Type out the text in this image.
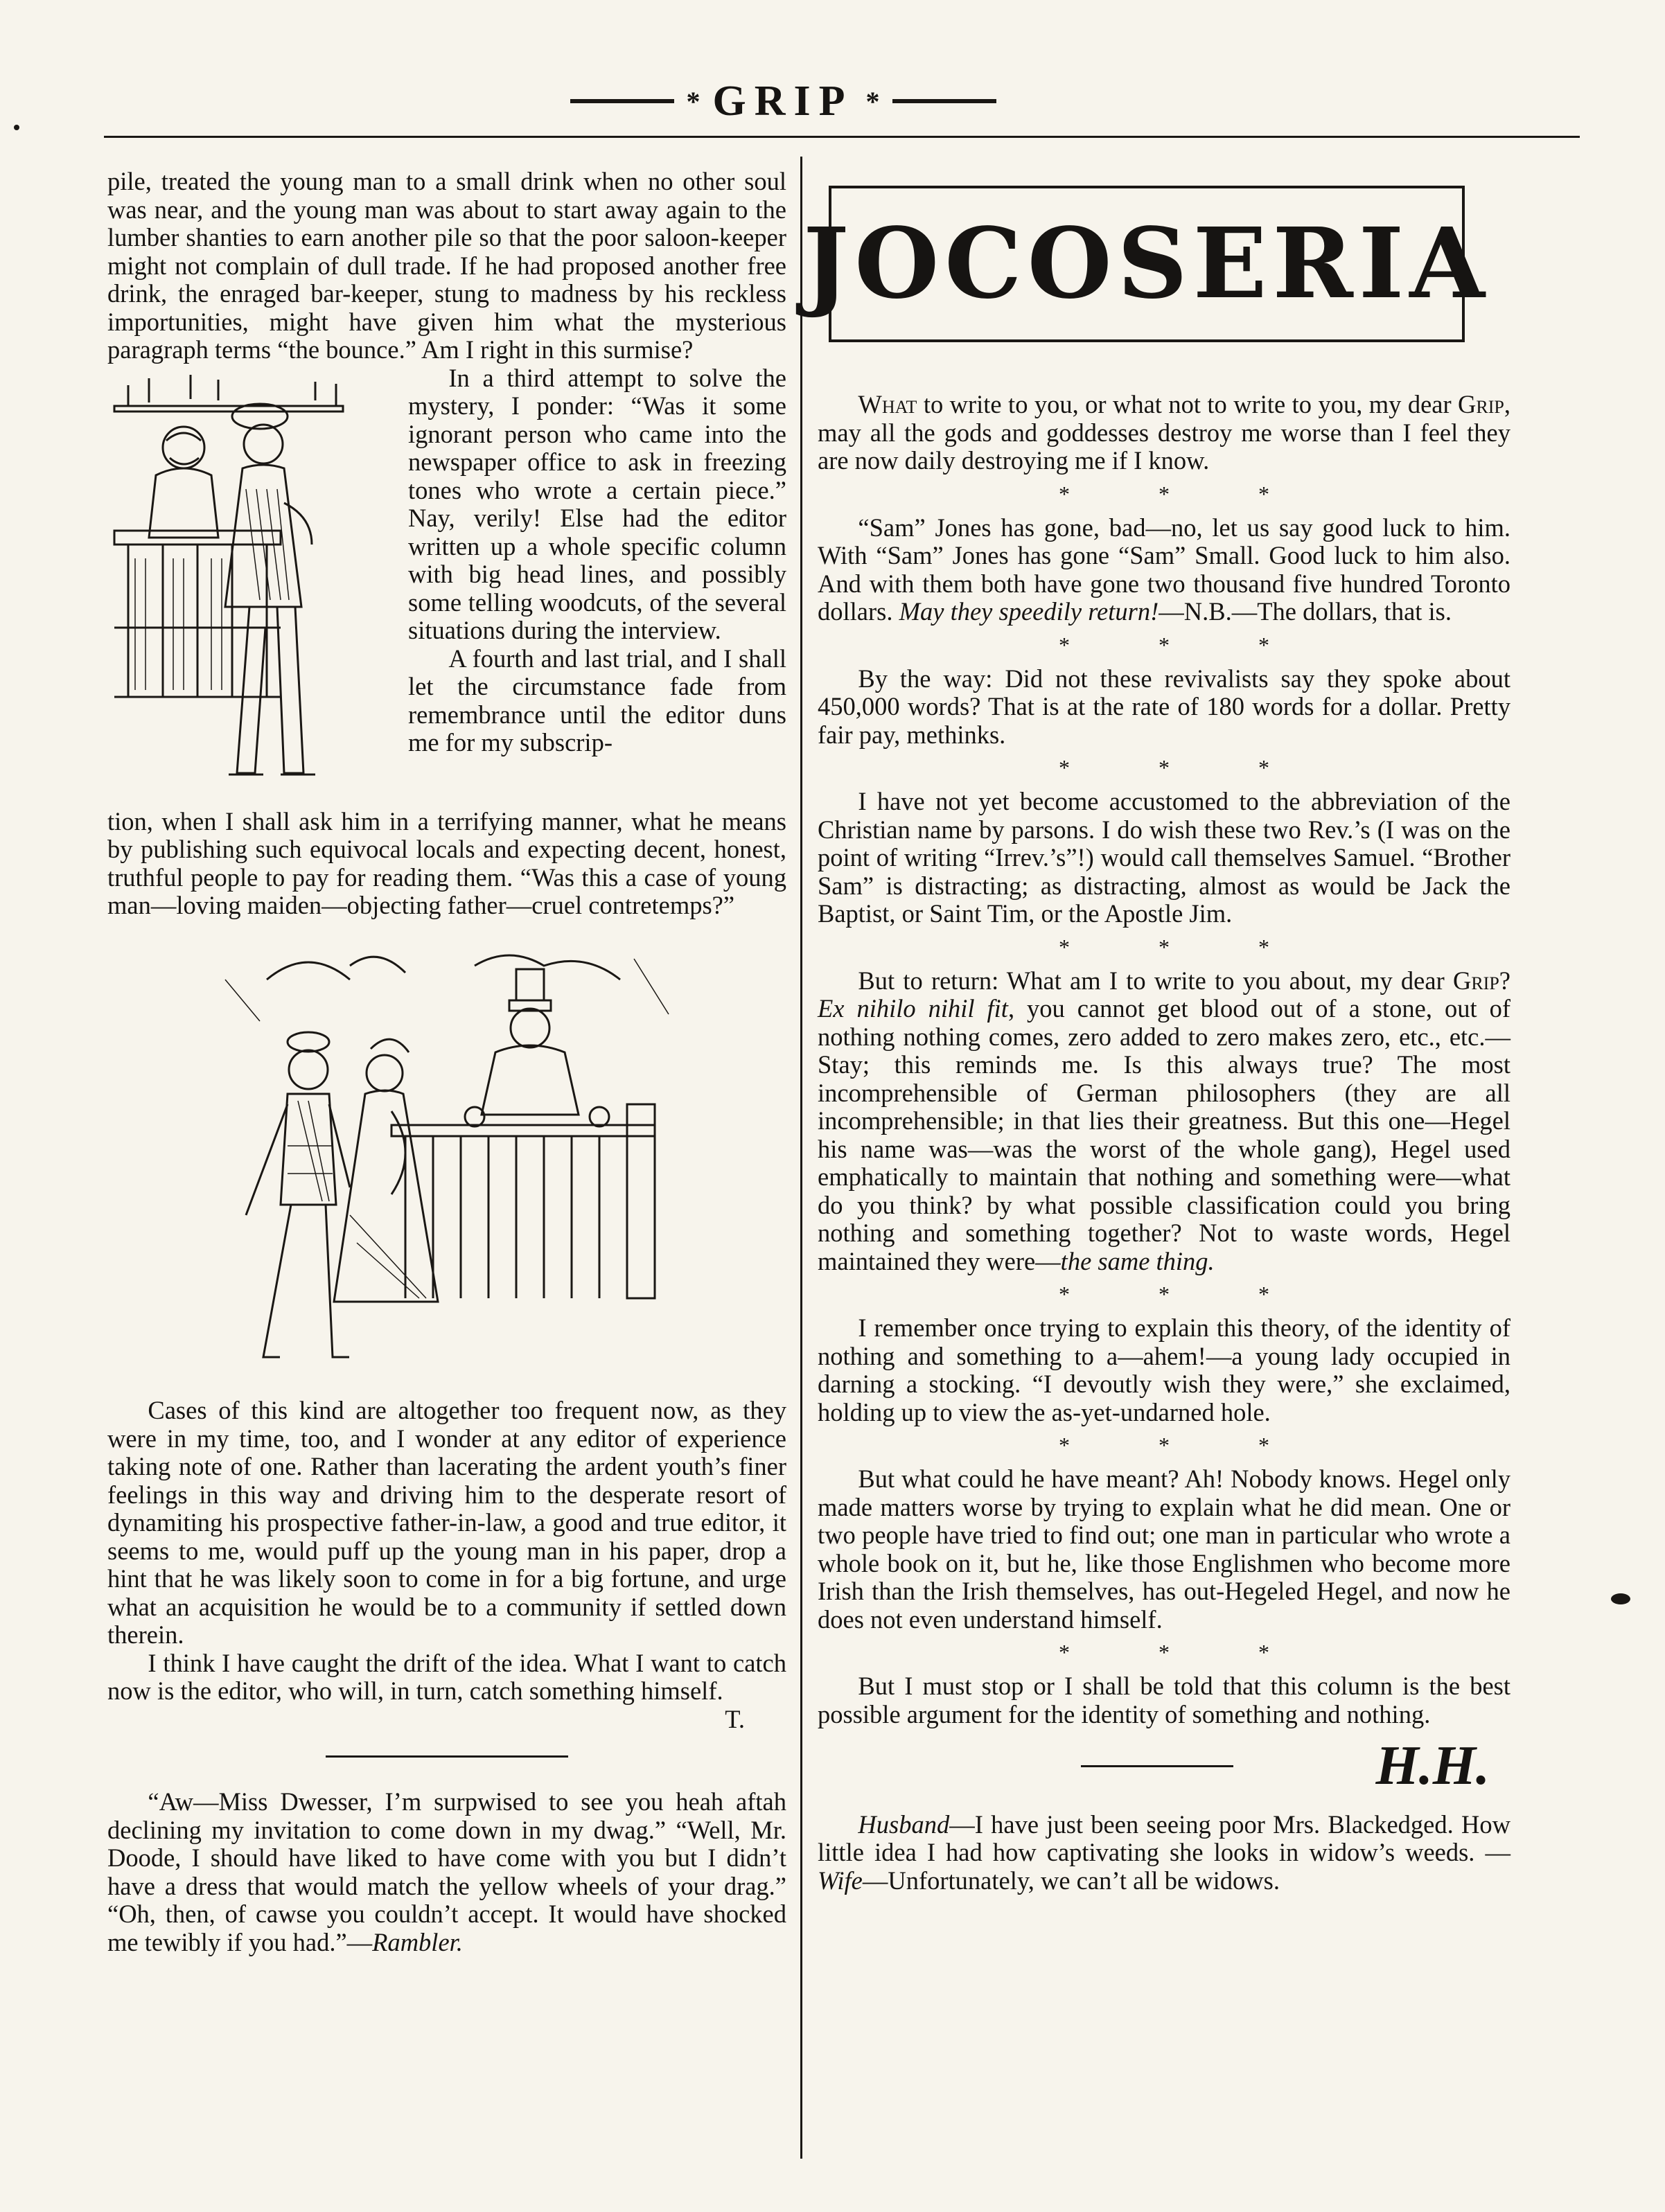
* GRIP *

pile, treated the young man to a small drink when no other soul was near, and the young man was about to start away again to the lumber shanties to earn another pile so that the poor saloon-keeper might not complain of dull trade. If he had proposed another free drink, the enraged bar-keeper, stung to madness by his reckless importunities, might have given him what the mysterious paragraph terms “the bounce.” Am I right in this surmise?

In a third attempt to solve the mystery, I ponder: “Was it some ignorant person who came into the newspaper office to ask in freezing tones who wrote a certain piece.” Nay, verily! Else had the editor written up a whole specific column with big head lines, and possibly some telling woodcuts, of the several situations during the interview.

A fourth and last trial, and I shall let the circumstance fade from remembrance until the editor duns me for my subscrip-

tion, when I shall ask him in a terrifying manner, what he means by publishing such equivocal locals and expecting decent, honest, truthful people to pay for reading them. “Was this a case of young man—loving maiden—objecting father—cruel contretemps?”

Cases of this kind are altogether too frequent now, as they were in my time, too, and I wonder at any editor of experience taking note of one. Rather than lacerating the ardent youth’s finer feelings in this way and driving him to the desperate resort of dynamiting his prospective father-in-law, a good and true editor, it seems to me, would puff up the young man in his paper, drop a hint that he was likely soon to come in for a big fortune, and urge what an acquisition he would be to a community if settled down therein.

I think I have caught the drift of the idea. What I want to catch now is the editor, who will, in turn, catch something himself.

T.

“Aw—Miss Dwesser, I’m surpwised to see you heah aftah declining my invitation to come down in my dwag.” “Well, Mr. Doode, I should have liked to have come with you but I didn’t have a dress that would match the yellow wheels of your drag.” “Oh, then, of cawse you couldn’t accept. It would have shocked me tewibly if you had.”—Rambler.

JOCOSERIA

What to write to you, or what not to write to you, my dear Grip, may all the gods and goddesses destroy me worse than I feel they are now daily destroying me if I know.

* * *

“Sam” Jones has gone, bad—no, let us say good luck to him. With “Sam” Jones has gone “Sam” Small. Good luck to him also. And with them both have gone two thousand five hundred Toronto dollars. May they speedily return!—N.B.—The dollars, that is.

* * *

By the way: Did not these revivalists say they spoke about 450,000 words? That is at the rate of 180 words for a dollar. Pretty fair pay, methinks.

* * *

I have not yet become accustomed to the abbreviation of the Christian name by parsons. I do wish these two Rev.’s (I was on the point of writing “Irrev.’s”!) would call themselves Samuel. “Brother Sam” is distracting; as distracting, almost as would be Jack the Baptist, or Saint Tim, or the Apostle Jim.

* * *

But to return: What am I to write to you about, my dear Grip? Ex nihilo nihil fit, you cannot get blood out of a stone, out of nothing nothing comes, zero added to zero makes zero, etc., etc.—Stay; this reminds me. Is this always true? The most incomprehensible of German philosophers (they are all incomprehensible; in that lies their greatness. But this one—Hegel his name was—was the worst of the whole gang), Hegel used emphatically to maintain that nothing and something were—what do you think? by what possible classification could you bring nothing and something together? Not to waste words, Hegel maintained they were—the same thing.

* * *

I remember once trying to explain this theory, of the identity of nothing and something to a—ahem!—a young lady occupied in darning a stocking. “I devoutly wish they were,” she exclaimed, holding up to view the as-yet-undarned hole.

* * *

But what could he have meant? Ah! Nobody knows. Hegel only made matters worse by trying to explain what he did mean. One or two people have tried to find out; one man in particular who wrote a whole book on it, but he, like those Englishmen who become more Irish than the Irish themselves, has out-Hegeled Hegel, and now he does not even understand himself.

* * *

But I must stop or I shall be told that this column is the best possible argument for the identity of something and nothing.

H.H.

Husband—I have just been seeing poor Mrs. Blackedged. How little idea I had how captivating she looks in widow’s weeds. — Wife—Unfortunately, we can’t all be widows.
